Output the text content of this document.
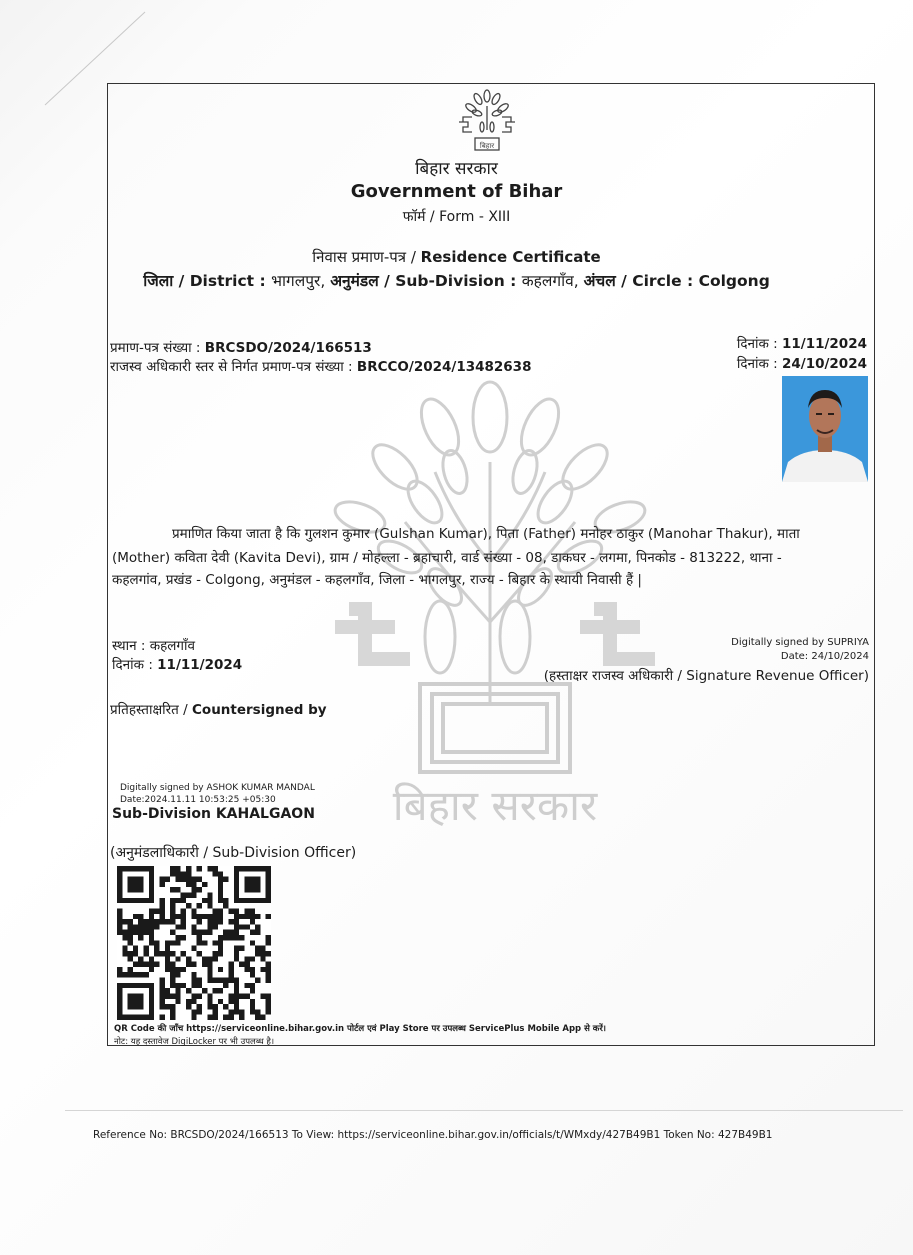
बिहार
बिहार सरकार
Government of Bihar
फॉर्म / Form - XIII
निवास प्रमाण-पत्र / Residence Certificate
जिला / District : भागलपुर, अनुमंडल / Sub-Division : कहलगाँव, अंचल / Circle : Colgong
बिहार सरकार
प्रमाण-पत्र संख्या : BRCSDO/2024/166513
राजस्व अधिकारी स्तर से निर्गत प्रमाण-पत्र संख्या : BRCCO/2024/13482638
दिनांक : 11/11/2024
दिनांक : 24/10/2024
प्रमाणित किया जाता है कि गुलशन कुमार (Gulshan Kumar), पिता (Father) मनोहर ठाकुर (Manohar Thakur), माता
(Mother) कविता देवी (Kavita Devi), ग्राम / मोहल्ला - ब्रहाचारी, वार्ड संख्या - 08, डाकघर - लगमा, पिनकोड - 813222, थाना -
कहलगांव, प्रखंड - Colgong, अनुमंडल - कहलगाँव, जिला - भागलपुर, राज्य - बिहार के स्थायी निवासी हैं |
स्थान : कहलगाँव
दिनांक : 11/11/2024
Digitally signed by SUPRIYA
Date: 24/10/2024
(हस्ताक्षर राजस्व अधिकारी / Signature Revenue Officer)
प्रतिहस्ताक्षरित / Countersigned by
Digitally signed by ASHOK KUMAR MANDAL
Date:2024.11.11 10:53:25 +05:30
Sub-Division KAHALGAON
(अनुमंडलाधिकारी / Sub-Division Officer)
QR Code की जाँच https://serviceonline.bihar.gov.in पोर्टल एवं Play Store पर उपलब्ध ServicePlus Mobile App से करें।
नोट: यह दस्तावेज DigiLocker पर भी उपलब्ध है।
Reference No: BRCSDO/2024/166513 To View: https://serviceonline.bihar.gov.in/officials/t/WMxdy/427B49B1 Token No: 427B49B1
